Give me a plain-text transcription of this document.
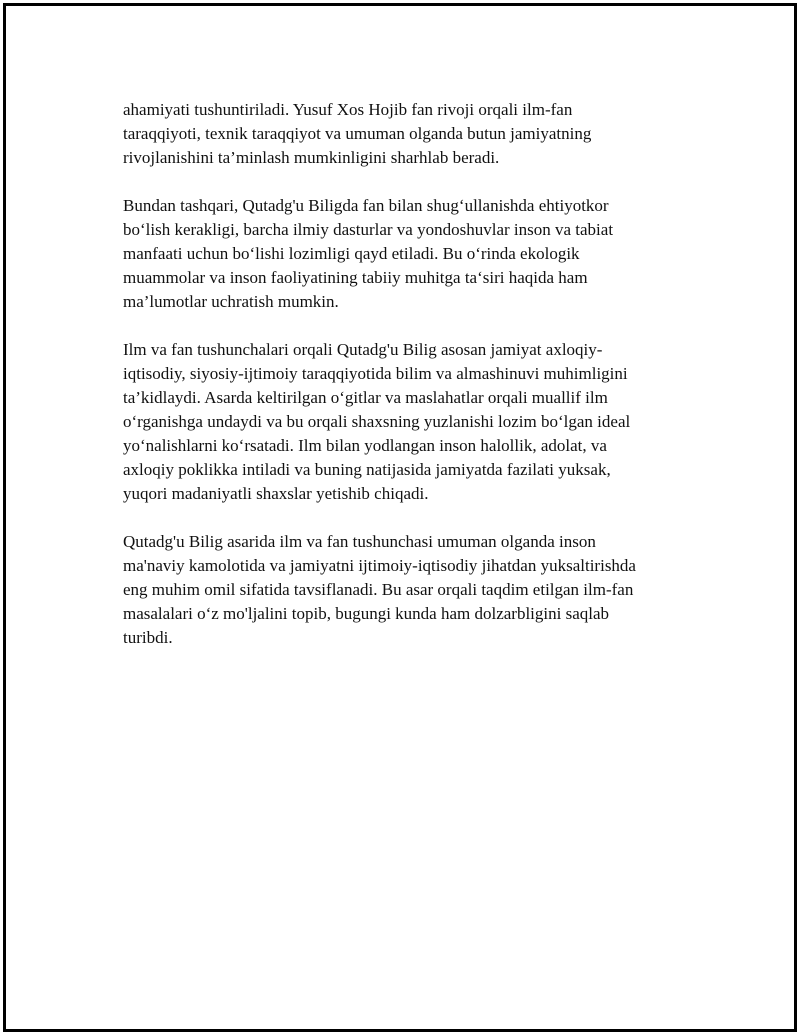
ahamiyati tushuntiriladi. Yusuf Xos Hojib fan rivoji orqali ilm-fan
taraqqiyoti, texnik taraqqiyot va umuman olganda butun jamiyatning
rivojlanishini ta’minlash mumkinligini sharhlab beradi.

Bundan tashqari, Qutadg'u Biligda fan bilan shug‘ullanishda ehtiyotkor
bo‘lish kerakligi, barcha ilmiy dasturlar va yondoshuvlar inson va tabiat
manfaati uchun bo‘lishi lozimligi qayd etiladi. Bu o‘rinda ekologik
muammolar va inson faoliyatining tabiiy muhitga ta‘siri haqida ham
ma’lumotlar uchratish mumkin.

Ilm va fan tushunchalari orqali Qutadg'u Bilig asosan jamiyat axloqiy-
iqtisodiy, siyosiy-ijtimoiy taraqqiyotida bilim va almashinuvi muhimligini
ta’kidlaydi. Asarda keltirilgan o‘gitlar va maslahatlar orqali muallif ilm
o‘rganishga undaydi va bu orqali shaxsning yuzlanishi lozim bo‘lgan ideal
yo‘nalishlarni ko‘rsatadi. Ilm bilan yodlangan inson halollik, adolat, va
axloqiy poklikka intiladi va buning natijasida jamiyatda fazilati yuksak,
yuqori madaniyatli shaxslar yetishib chiqadi.

Qutadg'u Bilig asarida ilm va fan tushunchasi umuman olganda inson
ma'naviy kamolotida va jamiyatni ijtimoiy-iqtisodiy jihatdan yuksaltirishda
eng muhim omil sifatida tavsiflanadi. Bu asar orqali taqdim etilgan ilm-fan
masalalari o‘z mo'ljalini topib, bugungi kunda ham dolzarbligini saqlab
turibdi.
